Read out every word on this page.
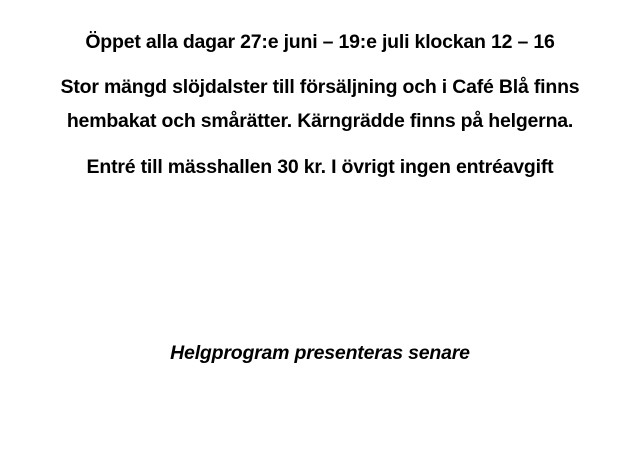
Öppet alla dagar 27:e juni – 19:e juli klockan 12 – 16
Stor mängd slöjdalster till försäljning och i Café Blå finns
hembakat och smårätter. Kärngrädde finns på helgerna.
Entré till mässhallen 30 kr. I övrigt ingen entréavgift
Helgprogram presenteras senare
